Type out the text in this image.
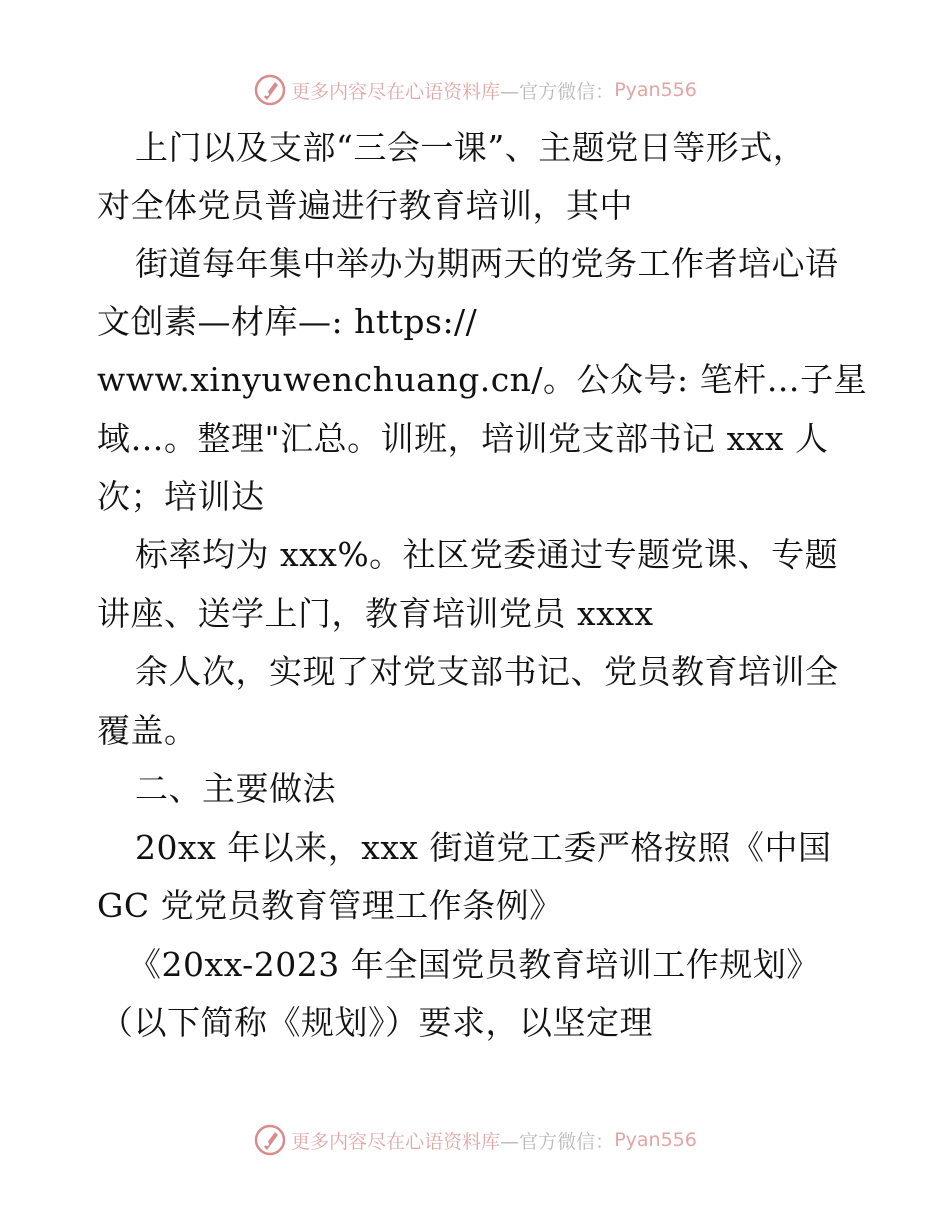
更多内容尽在心语资料库 —官方微信： Pyan556
上门以及支部“三会一课”、主题党日等形式，
对全体党员普遍进行教育培训，其中
街道每年集中举办为期两天的党务工作者培心语
文创素—材库—: https://
www.xinyuwenchuang.cn/。公众号: 笔杆…子星
域…。整理"汇总。训班，培训党支部书记 xxx 人
次；培训达
标率均为 xxx%。社区党委通过专题党课、专题
讲座、送学上门，教育培训党员 xxxx
余人次，实现了对党支部书记、党员教育培训全
覆盖。
二、主要做法
20xx 年以来，xxx 街道党工委严格按照《中国
GC 党党员教育管理工作条例》
《20xx-2023 年全国党员教育培训工作规划》
（以下简称《规划》）要求，以坚定理
更多内容尽在心语资料库 —官方微信： Pyan556
